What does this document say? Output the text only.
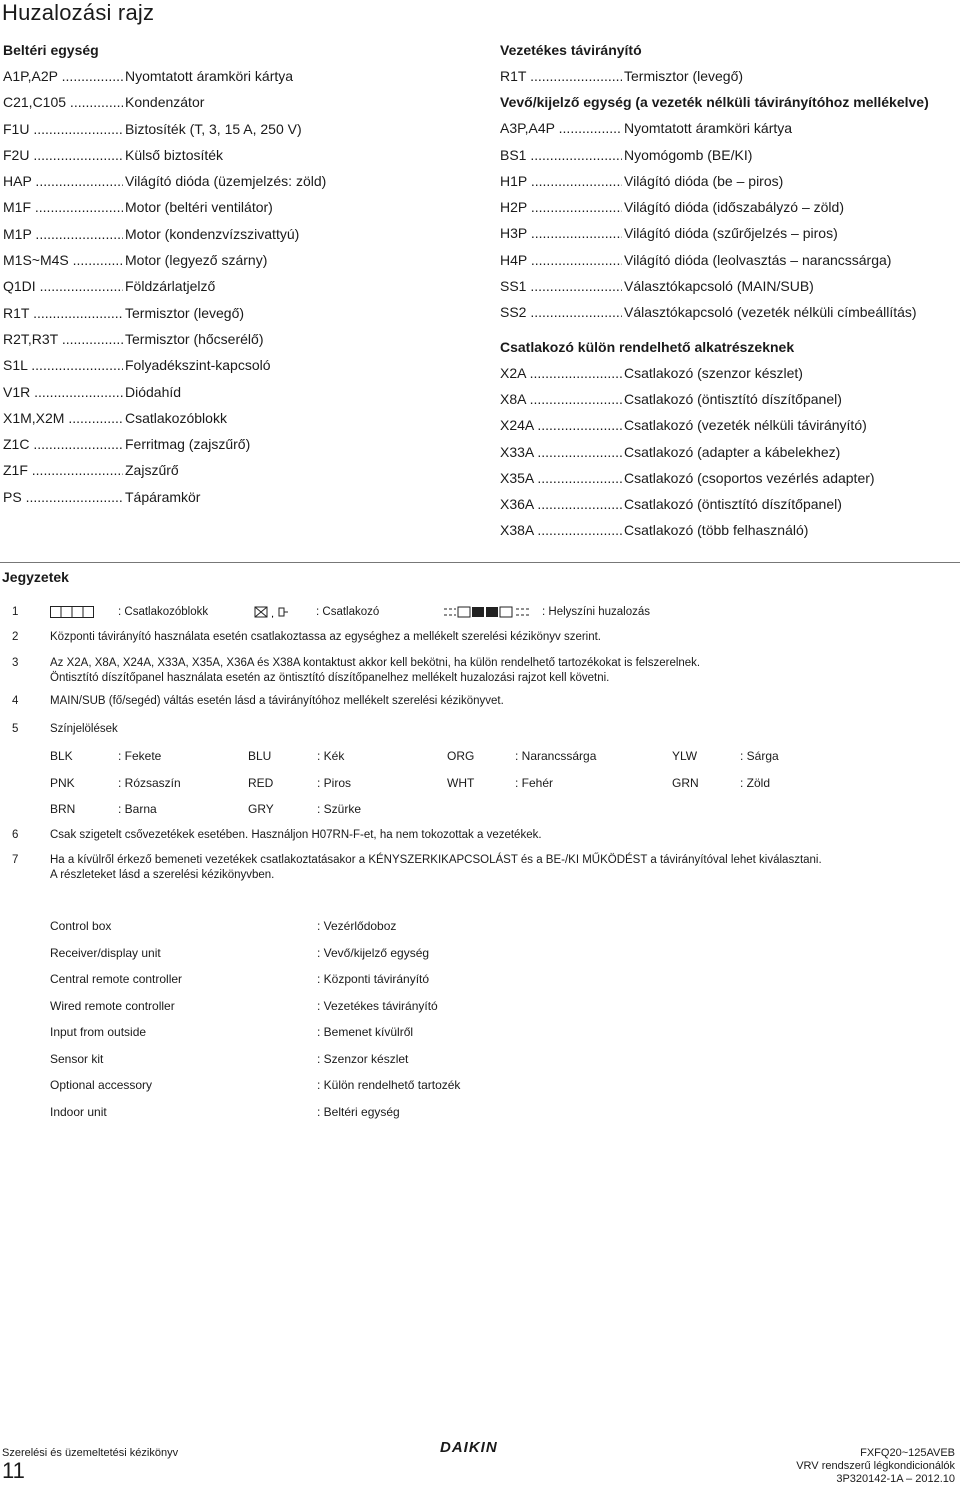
Huzalozási rajz
Beltéri egység
A1P,A2P .....	Nyomtatott áramköri kártya
C21,C105 .....	Kondenzátor
F1U .....	Biztosíték (T, 3, 15 A, 250 V)
F2U .....	Külső biztosíték
HAP .....	Világító dióda (üzemjelzés: zöld)
M1F .....	Motor (beltéri ventilátor)
M1P .....	Motor (kondenzvízszivattyú)
M1S~M4S .....	Motor (legyező szárny)
Q1DI .....	Földzárlatjelző
R1T .....	Termisztor (levegő)
R2T,R3T .....	Termisztor (hőcserélő)
S1L .....	Folyadékszint-kapcsoló
V1R .....	Diódahíd
X1M,X2M .....	Csatlakozóblokk
Z1C .....	Ferritmag (zajszűrő)
Z1F .....	Zajszűrő
PS .....	Tápáramkör
Vezetékes távirányító
R1T .....	Termisztor (levegő)
Vevő/kijelző egység (a vezeték nélküli távirányítóhoz mellékelve)
A3P,A4P .....	Nyomtatott áramköri kártya
BS1 .....	Nyomógomb (BE/KI)
H1P .....	Világító dióda (be – piros)
H2P .....	Világító dióda (időszabályzó – zöld)
H3P .....	Világító dióda (szűrőjelzés – piros)
H4P .....	Világító dióda (leolvasztás – narancssárga)
SS1 .....	Választókapcsoló (MAIN/SUB)
SS2 .....	Választókapcsoló (vezeték nélküli címbeállítás)
Csatlakozó külön rendelhető alkatrészeknek
X2A .....	Csatlakozó (szenzor készlet)
X8A .....	Csatlakozó (öntisztító díszítőpanel)
X24A .....	Csatlakozó (vezeték nélküli távirányító)
X33A .....	Csatlakozó (adapter a kábelekhez)
X35A .....	Csatlakozó (csoportos vezérlés adapter)
X36A .....	Csatlakozó (öntisztító díszítőpanel)
X38A .....	Csatlakozó (több felhasználó)
Jegyzetek
1	: Csatlakozóblokk	,	: Csatlakozó	: Helyszíni huzalozás
2	Központi távirányító használata esetén csatlakoztassa az egységhez a mellékelt szerelési kézikönyv szerint.
3	Az X2A, X8A, X24A, X33A, X35A, X36A és X38A kontaktust akkor kell bekötni, ha külön rendelhető tartozékokat is felszerelnek.
Öntisztító díszítőpanel használata esetén az öntisztító díszítőpanelhez mellékelt huzalozási rajzot kell követni.
4	MAIN/SUB (fő/segéd) váltás esetén lásd a távirányítóhoz mellékelt szerelési kézikönyvet.
5	Színjelölések
BLK	: Fekete	BLU	: Kék	ORG	: Narancssárga	YLW	: Sárga
PNK	: Rózsaszín	RED	: Piros	WHT	: Fehér	GRN	: Zöld
BRN	: Barna	GRY	: Szürke
6	Csak szigetelt csővezetékek esetében. Használjon H07RN-F-et, ha nem tokozottak a vezetékek.
7	Ha a kívülről érkező bemeneti vezetékek csatlakoztatásakor a KÉNYSZERKIKAPCSOLÁST és a BE-/KI MŰKÖDÉST a távirányítóval lehet kiválasztani.
A részleteket lásd a szerelési kézikönyvben.
Control box	: Vezérlődoboz
Receiver/display unit	: Vevő/kijelző egység
Central remote controller	: Központi távirányító
Wired remote controller	: Vezetékes távirányító
Input from outside	: Bemenet kívülről
Sensor kit	: Szenzor készlet
Optional accessory	: Külön rendelhető tartozék
Indoor unit	: Beltéri egység
Szerelési és üzemeltetési kézikönyv
11
DAIKIN	FXFQ20~125AVEB
VRV rendszerű légkondicionálók
3P320142-1A – 2012.10
